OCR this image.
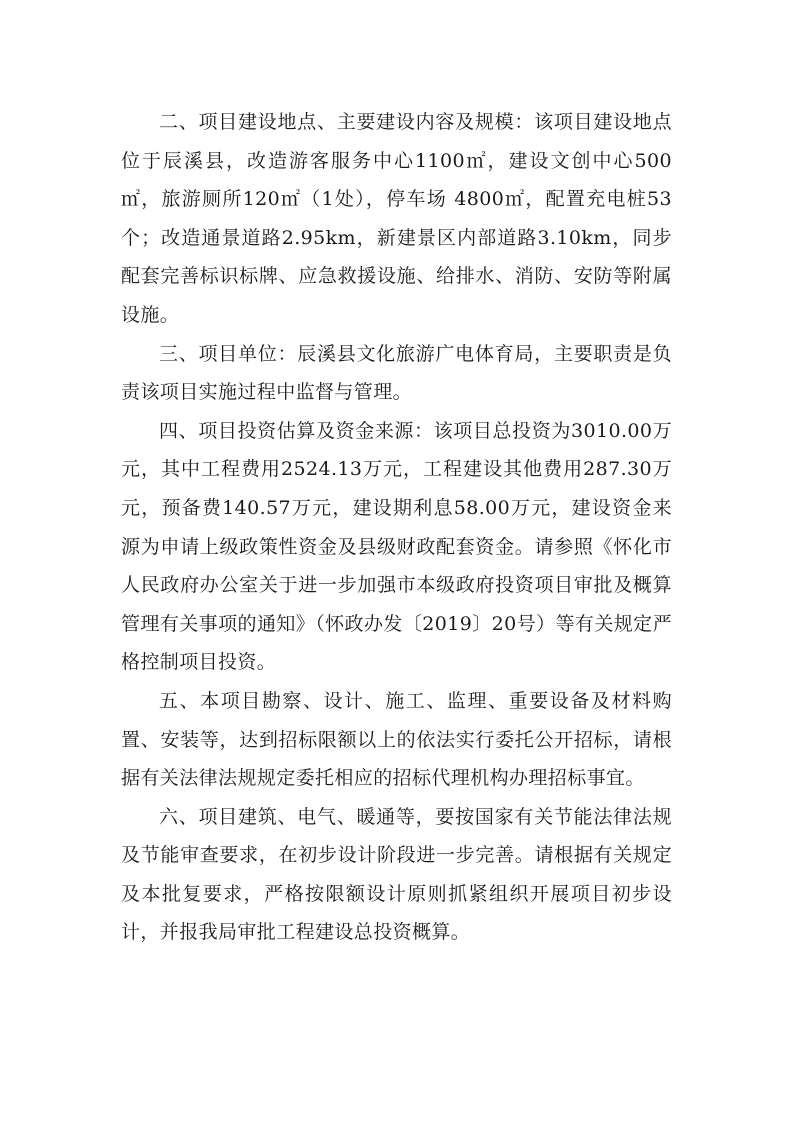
二、项目建设地点、主要建设内容及规模：该项目建设地点位于辰溪县，改造游客服务中心1100㎡，建设文创中心500㎡，旅游厕所120㎡（1处），停车场 4800㎡，配置充电桩53个；改造通景道路2.95km，新建景区内部道路3.10km，同步配套完善标识标牌、应急救援设施、给排水、消防、安防等附属设施。

三、项目单位：辰溪县文化旅游广电体育局，主要职责是负责该项目实施过程中监督与管理。

四、项目投资估算及资金来源：该项目总投资为3010.00万元，其中工程费用2524.13万元，工程建设其他费用287.30万元，预备费140.57万元，建设期利息58.00万元，建设资金来源为申请上级政策性资金及县级财政配套资金。请参照《怀化市人民政府办公室关于进一步加强市本级政府投资项目审批及概算管理有关事项的通知》（怀政办发〔2019〕20号）等有关规定严格控制项目投资。

五、本项目勘察、设计、施工、监理、重要设备及材料购置、安装等，达到招标限额以上的依法实行委托公开招标，请根据有关法律法规规定委托相应的招标代理机构办理招标事宜。

六、项目建筑、电气、暖通等，要按国家有关节能法律法规及节能审查要求，在初步设计阶段进一步完善。请根据有关规定及本批复要求，严格按限额设计原则抓紧组织开展项目初步设计，并报我局审批工程建设总投资概算。
